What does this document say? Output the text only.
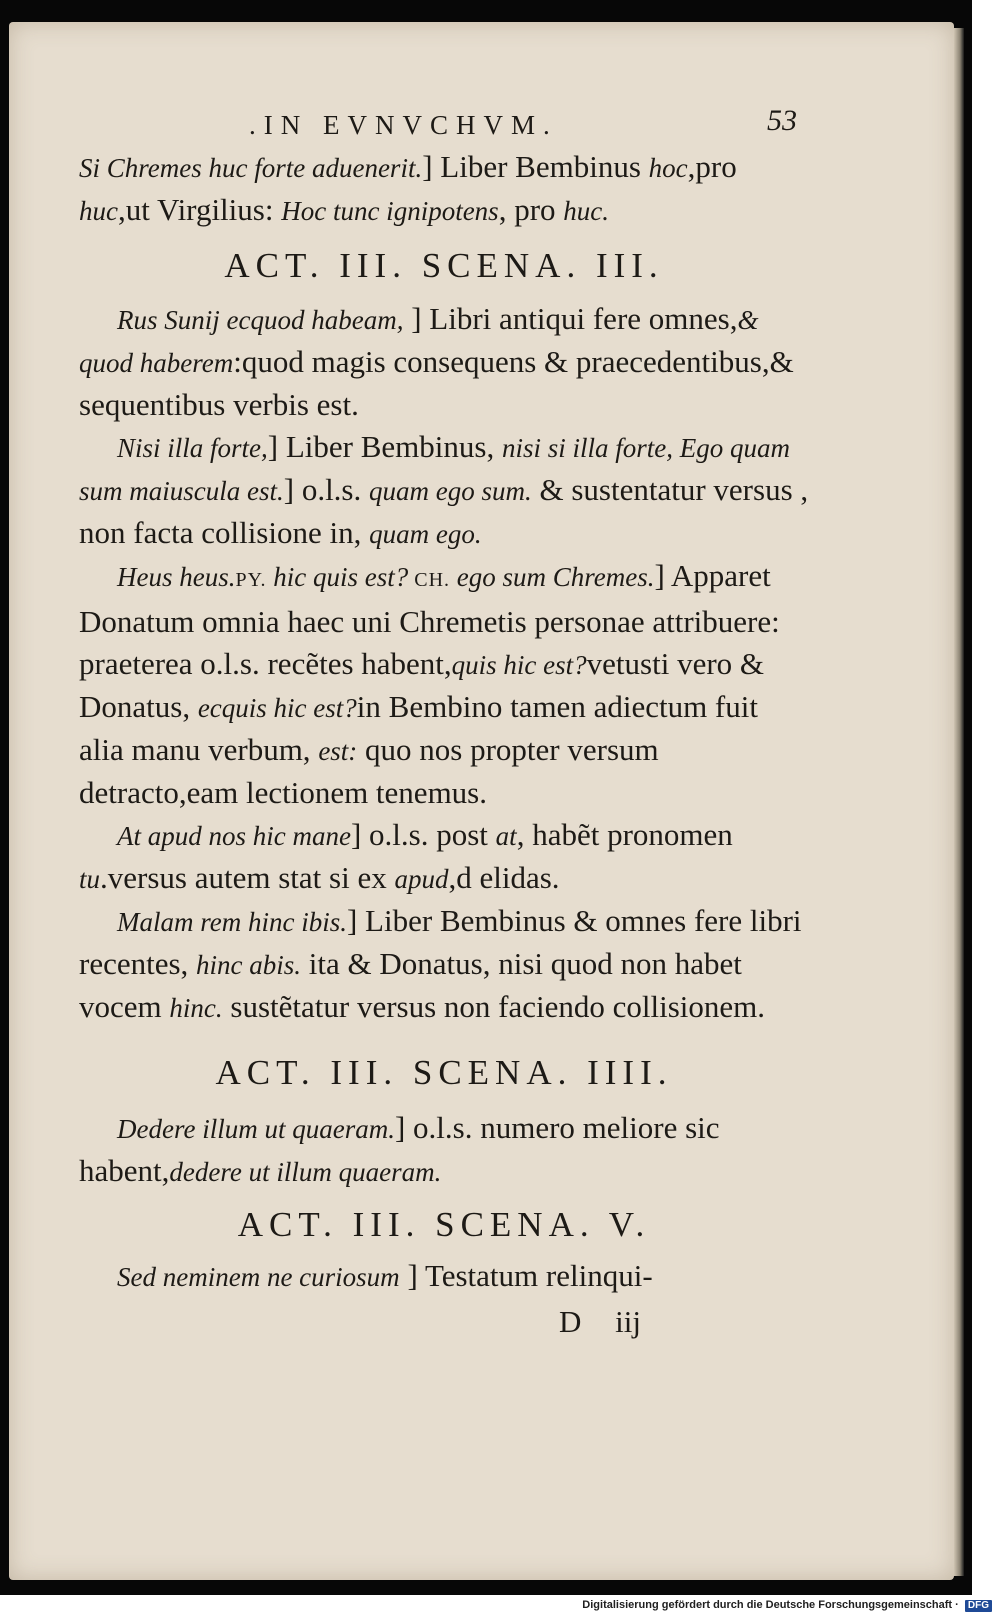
.IN EVNVCHVM.	53

Si Chremes huc forte aduenerit.] Liber Bembinus hoc,pro huc,ut Virgilius: Hoc tunc ignipotens, pro huc.

ACT. III. SCENA. III.

Rus Sunij ecquod habeam, ] Libri antiqui fere omnes,& quod haberem:quod magis consequens & praecedentibus,& sequentibus verbis est.

Nisi illa forte,] Liber Bembinus, nisi si illa forte, Ego quam sum maiuscula est.] o.l.s. quam ego sum. & sustentatur versus , non facta collisione in, quam ego.

Heus heus.PY. hic quis est? CH. ego sum Chremes.] Apparet Donatum omnia haec uni Chremetis personae attribuere: praeterea o.l.s. recẽtes habent,quis hic est?vetusti vero & Donatus, ecquis hic est?in Bembino tamen adiectum fuit alia manu verbum, est: quo nos propter versum detracto,eam lectionem tenemus.

At apud nos hic mane] o.l.s. post at, habẽt pronomen tu.versus autem stat si ex apud,d elidas.

Malam rem hinc ibis.] Liber Bembinus & omnes fere libri recentes, hinc abis. ita & Donatus, nisi quod non habet vocem hinc. sustẽtatur versus non faciendo collisionem.

ACT. III. SCENA. IIII.

Dedere illum ut quaeram.] o.l.s. numero meliore sic habent,dedere ut illum quaeram.

ACT. III. SCENA. V.

Sed neminem ne curiosum ] Testatum relinqui-

D iij

Digitalisierung gefördert durch die Deutsche Forschungsgemeinschaft · DFG
